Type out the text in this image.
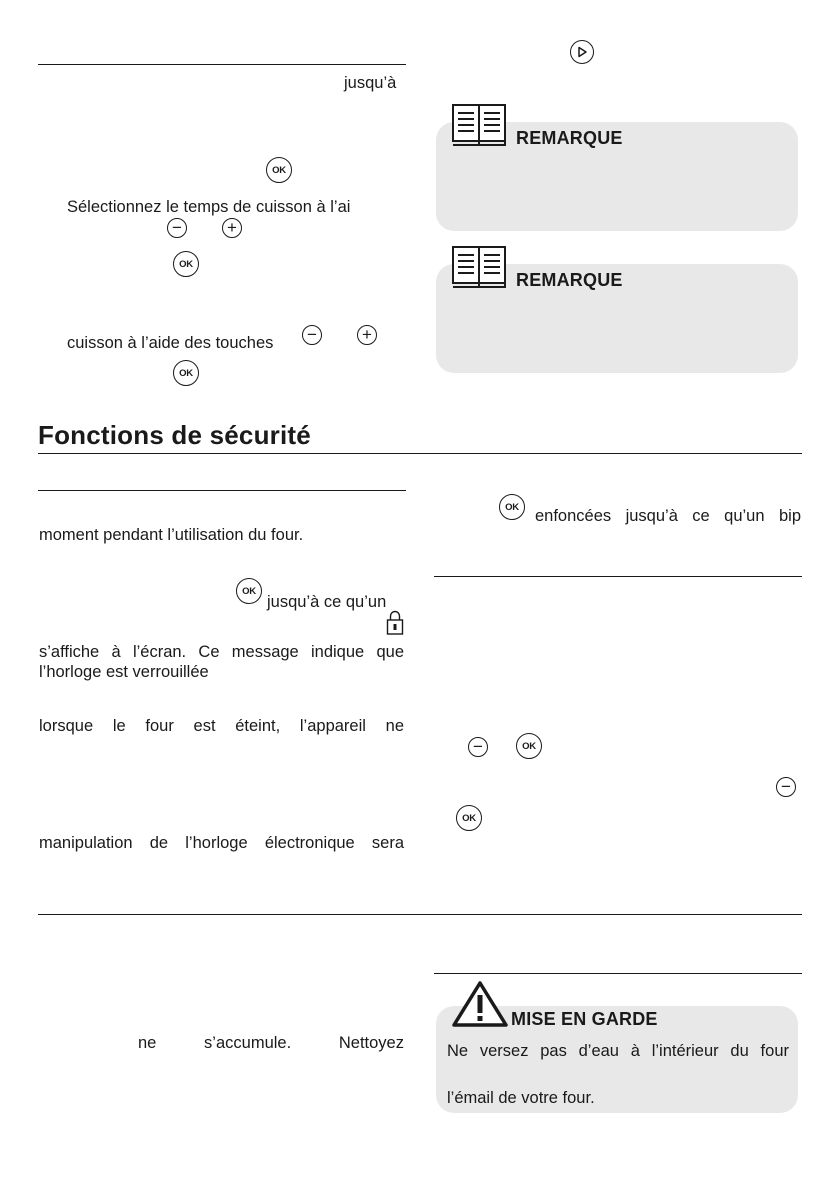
jusqu’à
OK
Sélectionnez le temps de cuisson à l’ai
−	+
OK
cuisson à l’aide des touches −	+
OK
REMARQUE
REMARQUE
Fonctions de sécurité
moment pendant l’utilisation du four.
OK
jusqu’à ce qu’un
s’affiche à l’écran. Ce message indique que
l’horloge est verrouillée
lorsque le four est éteint, l’appareil ne
manipulation de l’horloge électronique sera
OK enfoncées jusqu’à ce qu’un bip
−	OK
−
OK
ne s’accumule. Nettoyez
MISE EN GARDE
Ne versez pas d’eau à l’intérieur du four
l’émail de votre four.
